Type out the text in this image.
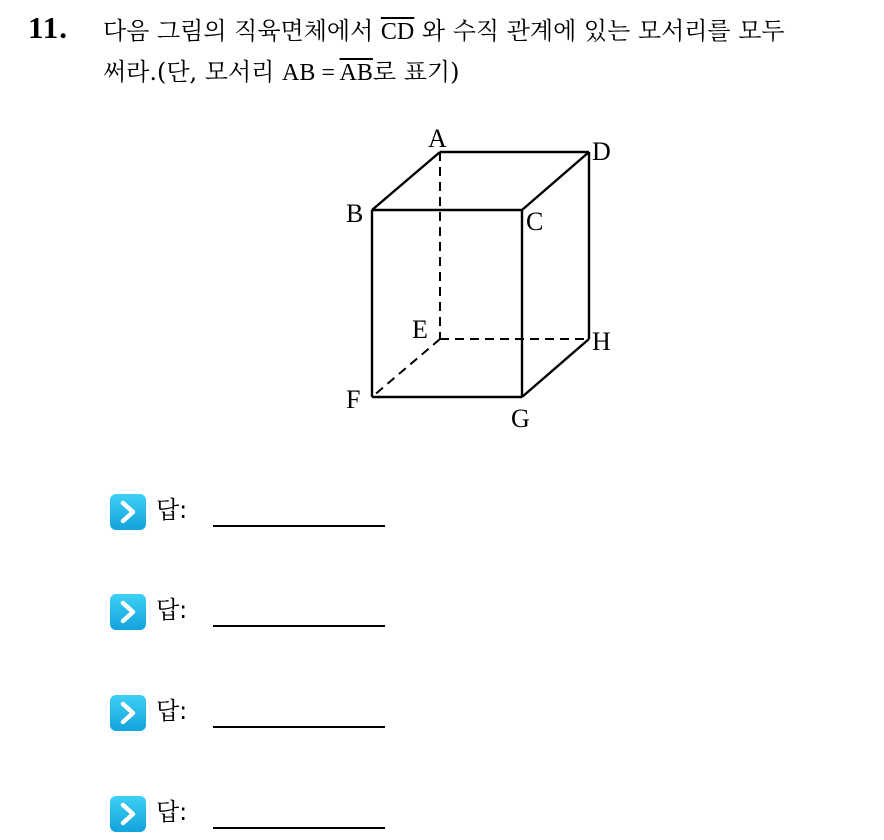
11. 다음 그림의 직육면체에서 $\overline{CD}$ 와 수직 관계에 있는 모서리를 모두
써라.(단, 모서리 AB = $\overline{AB}$로 표기)
A	D
B	C
E	H
F
G
답:
답:
답:
답:
